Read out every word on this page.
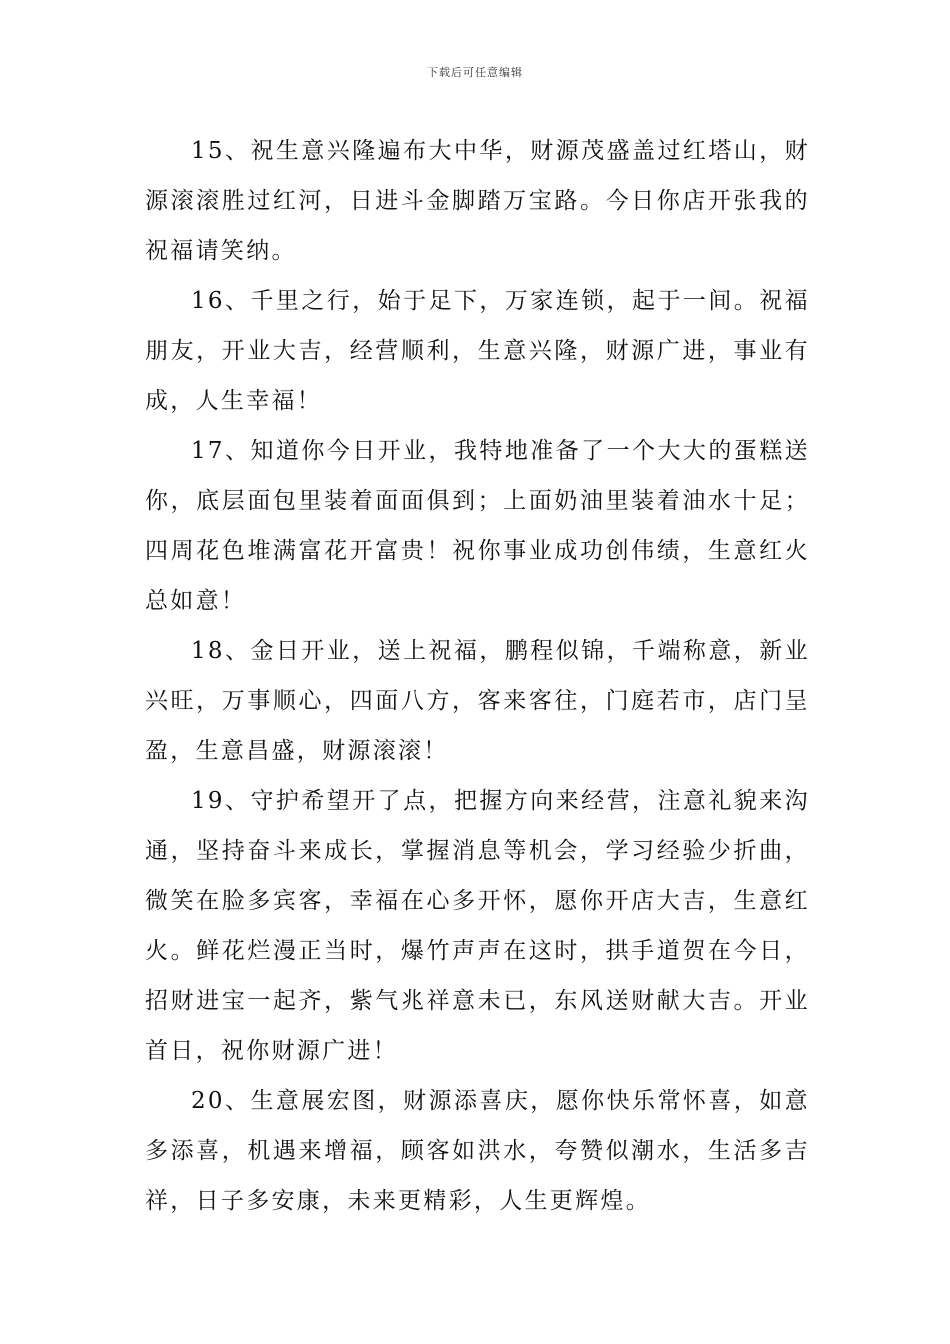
下载后可任意编辑

15、祝生意兴隆遍布大中华，财源茂盛盖过红塔山，财源滚滚胜过红河，日进斗金脚踏万宝路。今日你店开张我的祝福请笑纳。

16、千里之行，始于足下，万家连锁，起于一间。祝福朋友，开业大吉，经营顺利，生意兴隆，财源广进，事业有成，人生幸福！

17、知道你今日开业，我特地准备了一个大大的蛋糕送你，底层面包里装着面面俱到；上面奶油里装着油水十足；四周花色堆满富花开富贵！祝你事业成功创伟绩，生意红火总如意！

18、金日开业，送上祝福，鹏程似锦，千端称意，新业兴旺，万事顺心，四面八方，客来客往，门庭若市，店门呈盈，生意昌盛，财源滚滚！

19、守护希望开了点，把握方向来经营，注意礼貌来沟通，坚持奋斗来成长，掌握消息等机会，学习经验少折曲，微笑在脸多宾客，幸福在心多开怀，愿你开店大吉，生意红火。鲜花烂漫正当时，爆竹声声在这时，拱手道贺在今日，招财进宝一起齐，紫气兆祥意未已，东风送财献大吉。开业首日，祝你财源广进！

20、生意展宏图，财源添喜庆，愿你快乐常怀喜，如意多添喜，机遇来增福，顾客如洪水，夸赞似潮水，生活多吉祥，日子多安康，未来更精彩，人生更辉煌。
